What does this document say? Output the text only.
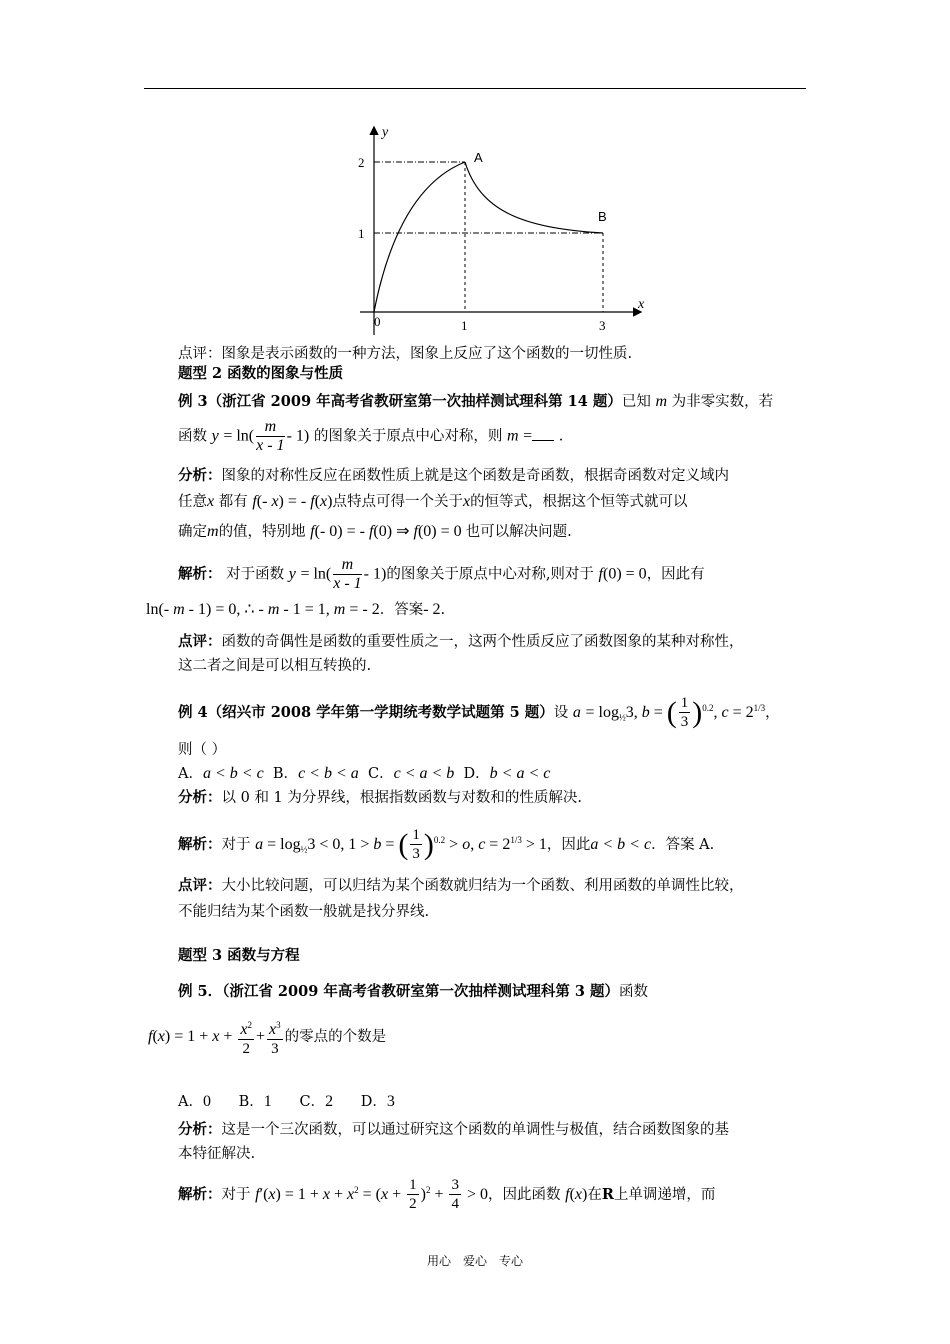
y
x
2
1
0	1	3
A
B
点评：图象是表示函数的一种方法，图象上反应了这个函数的一切性质.
题型 2 函数的图象与性质
例 3（浙江省 2009 年高考省教研室第一次抽样测试理科第 14 题）已知 m 为非零实数，若
函数 $y = \ln( \frac{m}{x - 1} - 1)$ 的图象关于原点中心对称，则 m = .
分析：图象的对称性反应在函数性质上就是这个函数是奇函数，根据奇函数对定义域内
任意x 都有 f(- x) = - f(x)点特点可得一个关于x的恒等式，根据这个恒等式就可以
确定m的值，特别地 f(- 0) = - f(0) ⇒ f(0) = 0 也可以解决问题.
解析： 对于函数 $y = \ln( \frac{m}{x - 1} - 1)$的图象关于原点中心对称,则对于 f(0) = 0，因此有
ln(- m - 1) = 0, ∴ - m - 1 = 1, m = - 2．答案- 2.
点评：函数的奇偶性是函数的重要性质之一，这两个性质反应了函数图象的某种对称性，
这二者之间是可以相互转换的.
例 4（绍兴市 2008 学年第一学期统考数学试题第 5 题）设 $a = \log_{\frac{1}{2}}3$, b = ( $\frac{1}{3} )^{0.2}$, $c = 2^{1/3}$，
则（ ）
A．a < b < c B．c < b < a C．c < a < b D．b < a < c
分析：以 0 和 1 为分界线，根据指数函数与对数和的性质解决.
解析：对于 $a = \log_{\frac{1}{2}}3 < 0$, 1 > b = ( $\frac{1}{3} )^{0.2} > o$, $c = 2^{1/3} > 1$，因此a < b < c．答案 A.
点评：大小比较问题，可以归结为某个函数就归结为一个函数、利用函数的单调性比较，
不能归结为某个函数一般就是找分界线.
题型 3 函数与方程
例 5．（浙江省 2009 年高考省教研室第一次抽样测试理科第 3 题）函数
$f(x) = 1 + x + \frac{x^2}{2} + \frac{x^3}{3}$ 的零点的个数是
A．0 B．1 C．2 D．3
分析：这是一个三次函数，可以通过研究这个函数的单调性与极值，结合函数图象的基
本特征解决.
解析：对于 $f'(x) = 1 + x + x^2 = (x + \frac{1}{2} )^2 + \frac{3}{4} > 0$，因此函数 f(x)在R上单调递增，而
用心　爱心　专心
